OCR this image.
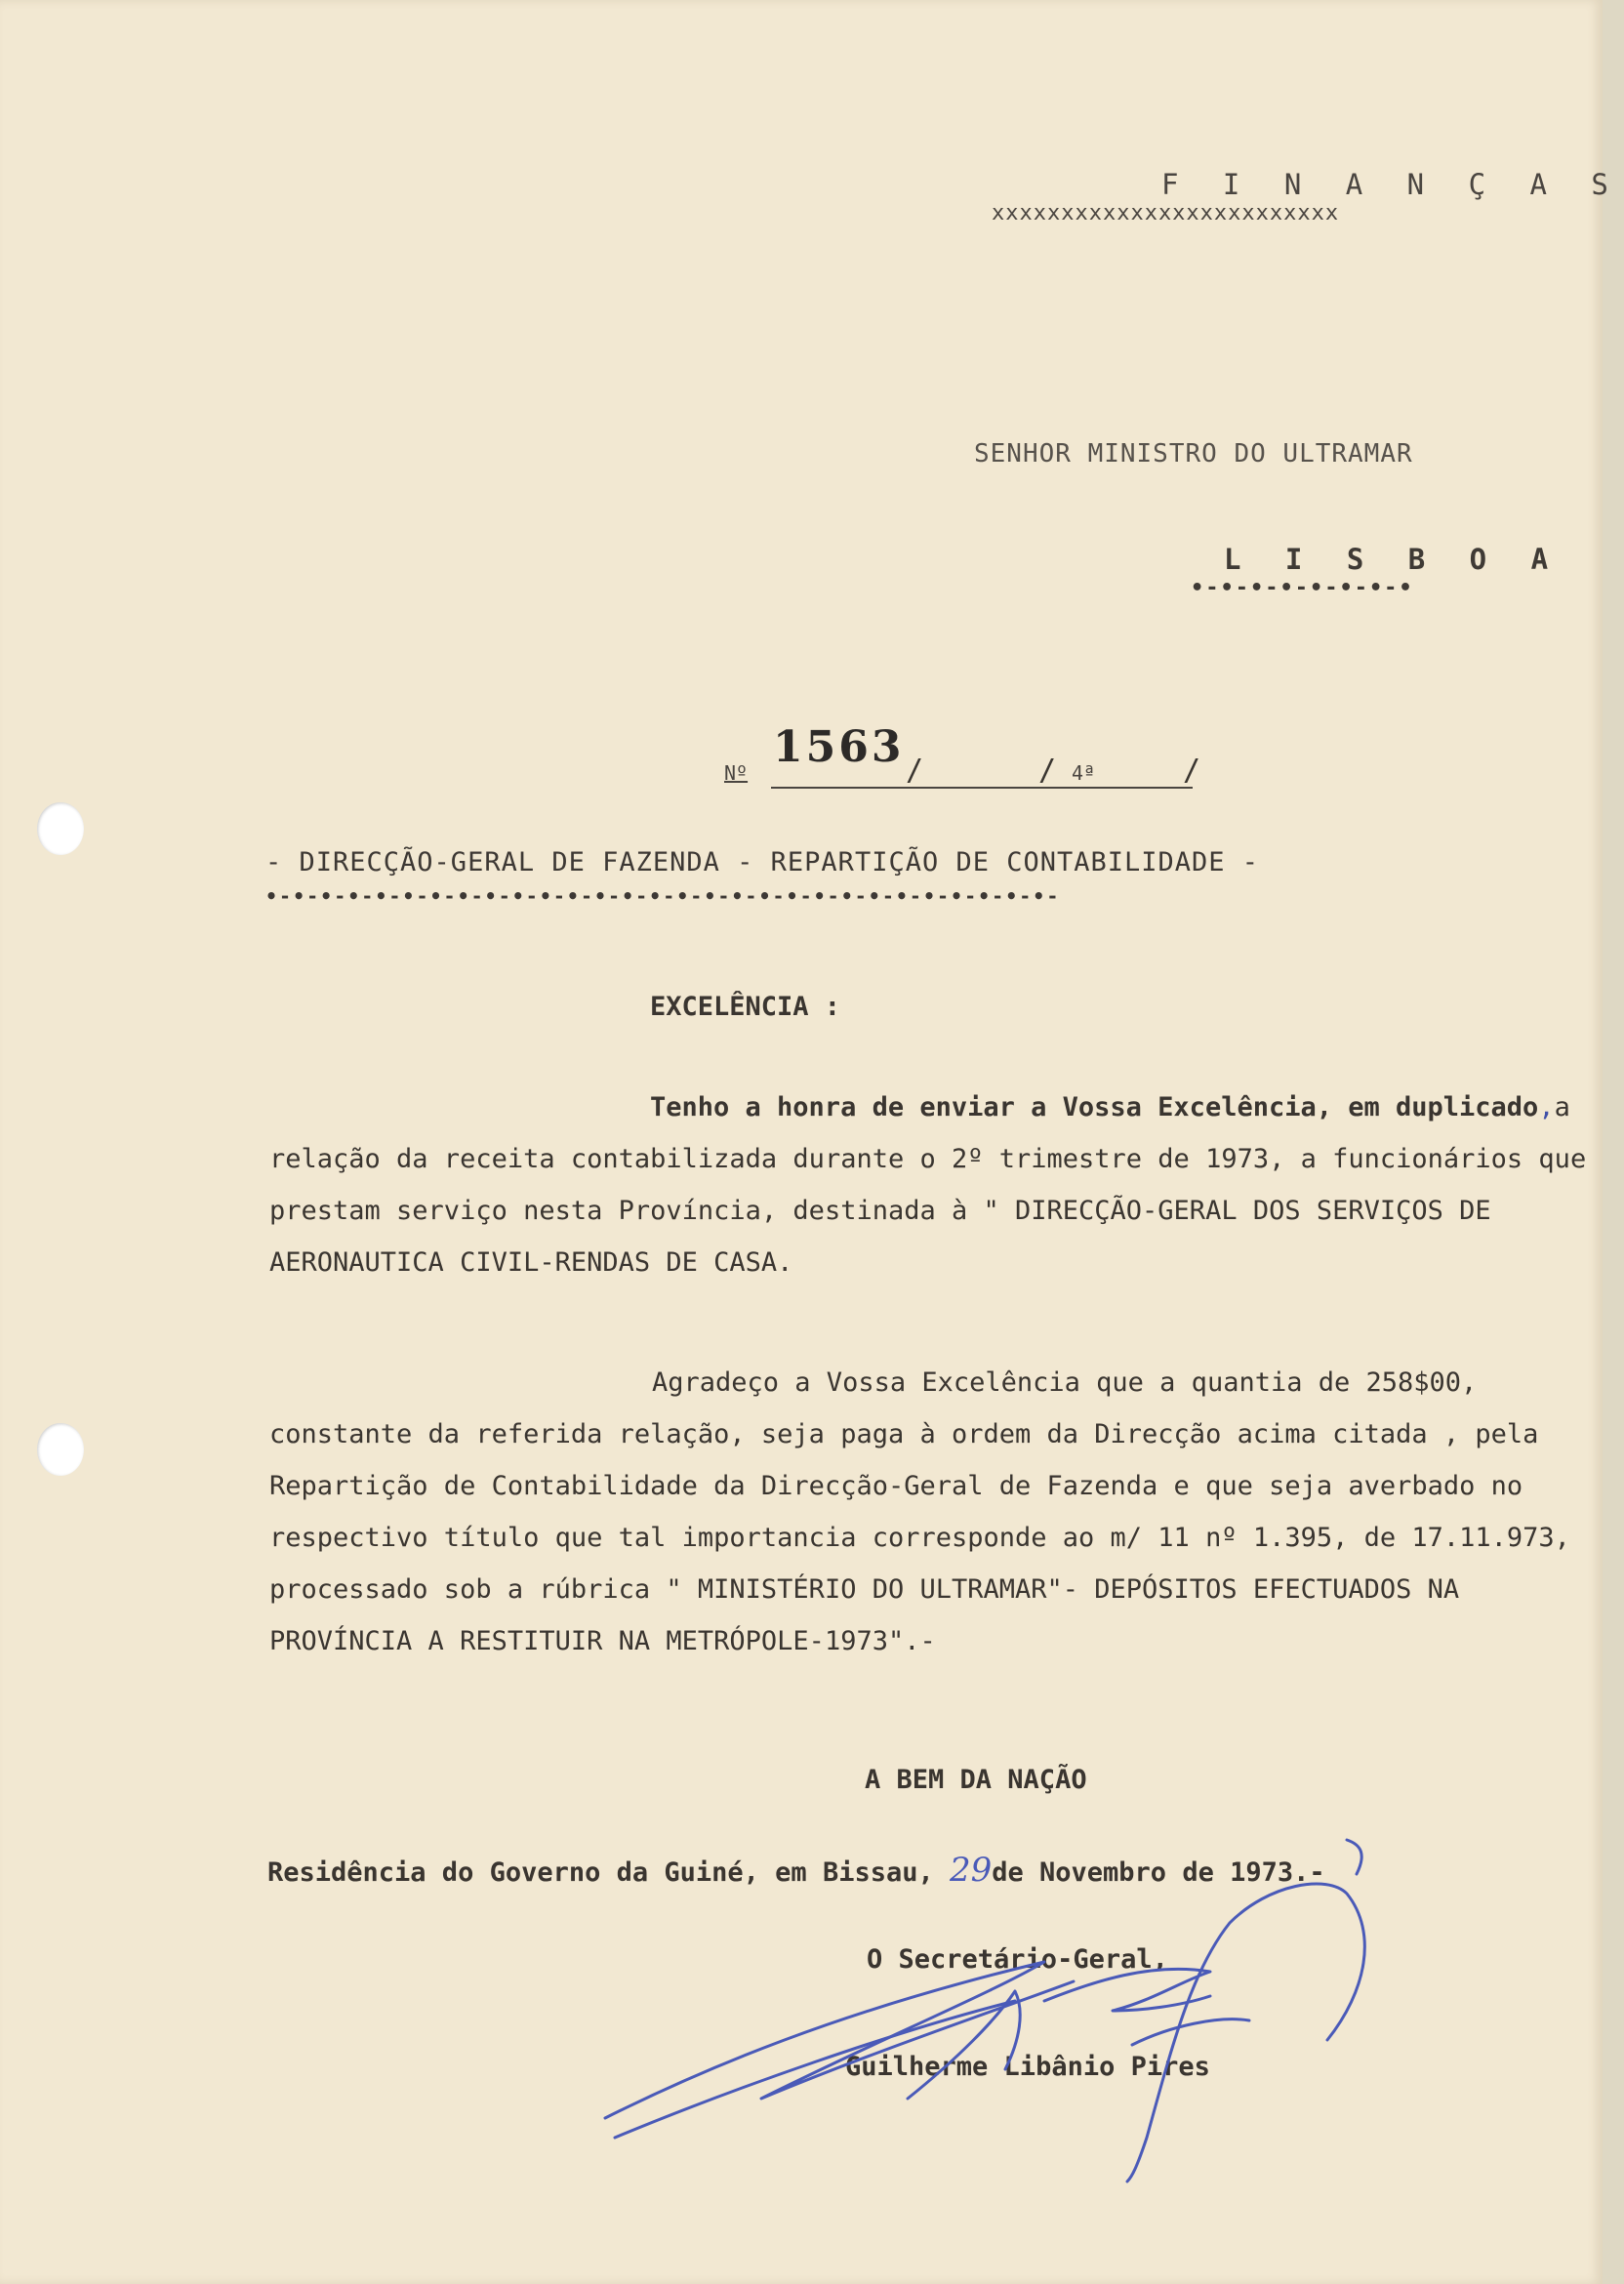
F I N A N Ç A S
xxxxxxxxxxxxxxxxxxxxxxxxx
SENHOR MINISTRO DO ULTRAMAR
L I S B O A
•-•-•-•-•-•-•-•
Nº
1563 /	/ 4ª	/
- DIRECÇÃO-GERAL DE FAZENDA - REPARTIÇÃO DE CONTABILIDADE -
•-•-•-•-•-•-•-•-•-•-•-•-•-•-•-•-•-•-•-•-•-•-•-•-•-•-•-•-•-
EXCELÊNCIA :
Tenho a honra de enviar a Vossa Excelência, em duplicado,a relação da receita contabilizada durante o 2º trimestre de 1973, a funcionários que prestam serviço nesta Província, destinada à " DIRECÇÃO-GERAL DOS SERVIÇOS DE AERONAUTICA CIVIL-RENDAS DE CASA.
Agradeço a Vossa Excelência que a quantia de 258$00, constante da referida relação, seja paga à ordem da Direcção acima citada , pela Repartição de Contabilidade da Direcção-Geral de Fazenda e que seja averbado no respectivo título que tal importancia corresponde ao m/ 11 nº 1.395, de 17.11.973, processado sob a rúbrica " MINISTÉRIO DO ULTRAMAR"- DEPÓSITOS EFECTUADOS NA PROVÍNCIA A RESTITUIR NA METRÓPOLE-1973".-
A BEM DA NAÇÃO
Residência do Governo da Guiné, em Bissau, 29de Novembro de 1973.-
O Secretário-Geral,
Guilherme Libânio Pires
